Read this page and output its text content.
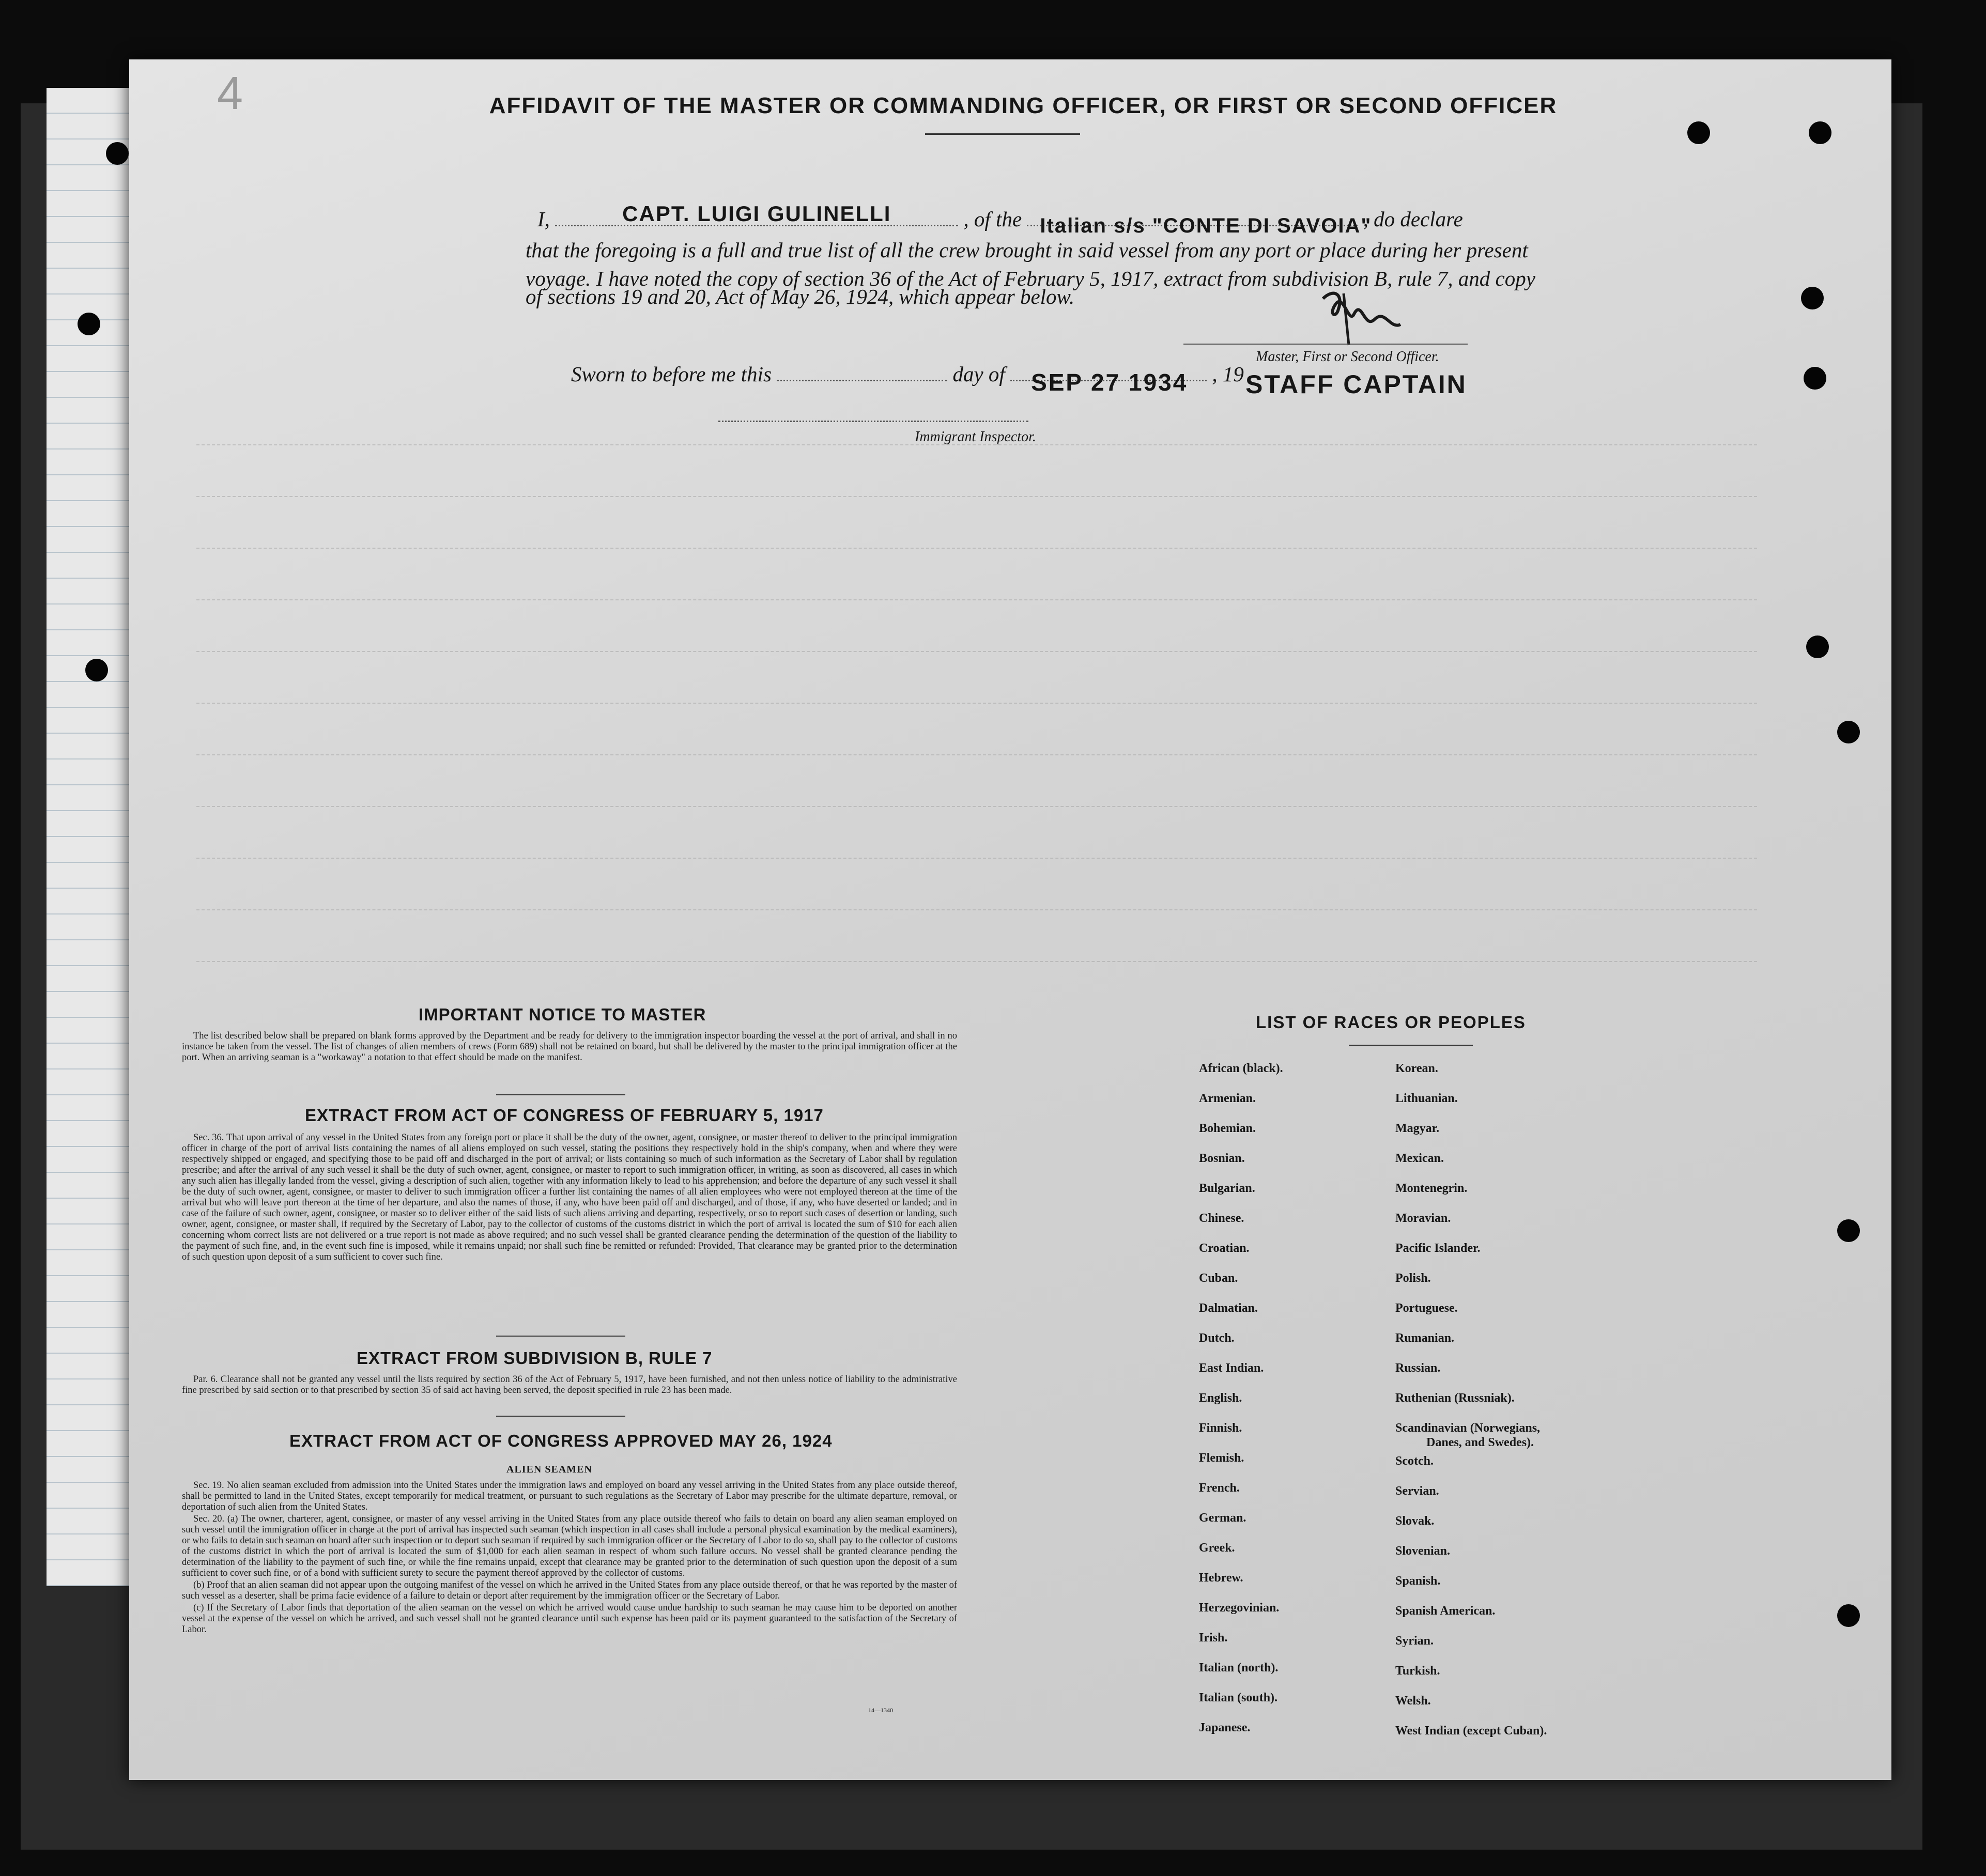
4	AFFIDAVIT OF THE MASTER OR COMMANDING OFFICER, OR FIRST OR SECOND OFFICER
I,	CAPT. LUIGI GULINELLI	, of the Italian s/s "CONTE DI SAVOIA"
, do declare
that the foregoing is a full and true list of all the crew brought in said vessel from any port or place during her present
voyage. I have noted the copy of section 36 of the Act of February 5, 1917, extract from subdivision B, rule 7, and copy
of sections 19 and 20, Act of May 26, 1924, which appear below.
Master, First or Second Officer.
Sworn to before me this	day of SEP 27 1934 , 19 STAFF CAPTAIN
Immigrant Inspector.
IMPORTANT NOTICE TO MASTER

The list described below shall be prepared on blank forms approved by the Department and be ready for delivery to the immigration inspector boarding the vessel at the port of arrival, and shall in no instance be taken from the vessel. The list of changes of alien members of crews (Form 689) shall not be retained on board, but shall be delivered by the master to the principal immigration officer at the port. When an arriving seaman is a "workaway" a notation to that effect should be made on the manifest.

EXTRACT FROM ACT OF CONGRESS OF FEBRUARY 5, 1917

Sec. 36. That upon arrival of any vessel in the United States from any foreign port or place it shall be the duty of the owner, agent, consignee, or master thereof to deliver to the principal immigration officer in charge of the port of arrival lists containing the names of all aliens employed on such vessel, stating the positions they respectively hold in the ship's company, when and where they were respectively shipped or engaged, and specifying those to be paid off and discharged in the port of arrival; or lists containing so much of such information as the Secretary of Labor shall by regulation prescribe; and after the arrival of any such vessel it shall be the duty of such owner, agent, consignee, or master to report to such immigration officer, in writing, as soon as discovered, all cases in which any such alien has illegally landed from the vessel, giving a description of such alien, together with any information likely to lead to his apprehension; and before the departure of any such vessel it shall be the duty of such owner, agent, consignee, or master to deliver to such immigration officer a further list containing the names of all alien employees who were not employed thereon at the time of the arrival but who will leave port thereon at the time of her departure, and also the names of those, if any, who have been paid off and discharged, and of those, if any, who have deserted or landed; and in case of the failure of such owner, agent, consignee, or master so to deliver either of the said lists of such aliens arriving and departing, respectively, or so to report such cases of desertion or landing, such owner, agent, consignee, or master shall, if required by the Secretary of Labor, pay to the collector of customs of the customs district in which the port of arrival is located the sum of $10 for each alien concerning whom correct lists are not delivered or a true report is not made as above required; and no such vessel shall be granted clearance pending the determination of the question of the liability to the payment of such fine, and, in the event such fine is imposed, while it remains unpaid; nor shall such fine be remitted or refunded: Provided, That clearance may be granted prior to the determination of such question upon deposit of a sum sufficient to cover such fine.

EXTRACT FROM SUBDIVISION B, RULE 7

Par. 6. Clearance shall not be granted any vessel until the lists required by section 36 of the Act of February 5, 1917, have been furnished, and not then unless notice of liability to the administrative fine prescribed by said section or to that prescribed by section 35 of said act having been served, the deposit specified in rule 23 has been made.

EXTRACT FROM ACT OF CONGRESS APPROVED MAY 26, 1924
ALIEN SEAMEN

Sec. 19. No alien seaman excluded from admission into the United States under the immigration laws and employed on board any vessel arriving in the United States from any place outside thereof, shall be permitted to land in the United States, except temporarily for medical treatment, or pursuant to such regulations as the Secretary of Labor may prescribe for the ultimate departure, removal, or deportation of such alien from the United States.

Sec. 20. (a) The owner, charterer, agent, consignee, or master of any vessel arriving in the United States from any place outside thereof who fails to detain on board any alien seaman employed on such vessel until the immigration officer in charge at the port of arrival has inspected such seaman (which inspection in all cases shall include a personal physical examination by the medical examiners), or who fails to detain such seaman on board after such inspection or to deport such seaman if required by such immigration officer or the Secretary of Labor to do so, shall pay to the collector of customs of the customs district in which the port of arrival is located the sum of $1,000 for each alien seaman in respect of whom such failure occurs. No vessel shall be granted clearance pending the determination of the liability to the payment of such fine, or while the fine remains unpaid, except that clearance may be granted prior to the determination of such question upon the deposit of a sum sufficient to cover such fine, or of a bond with sufficient surety to secure the payment thereof approved by the collector of customs.

(b) Proof that an alien seaman did not appear upon the outgoing manifest of the vessel on which he arrived in the United States from any place outside thereof, or that he was reported by the master of such vessel as a deserter, shall be prima facie evidence of a failure to detain or deport after requirement by the immigration officer or the Secretary of Labor.

(c) If the Secretary of Labor finds that deportation of the alien seaman on the vessel on which he arrived would cause undue hardship to such seaman he may cause him to be deported on another vessel at the expense of the vessel on which he arrived, and such vessel shall not be granted clearance until such expense has been paid or its payment guaranteed to the satisfaction of the Secretary of Labor.

14—1340
LIST OF RACES OR PEOPLES
African (black).
Armenian.
Bohemian.
Bosnian.
Bulgarian.
Chinese.
Croatian.
Cuban.
Dalmatian.
Dutch.
East Indian.
English.
Finnish.
Flemish.
French.
German.
Greek.
Hebrew.
Herzegovinian.
Irish.
Italian (north).
Italian (south).
Japanese.
Korean.
Lithuanian.
Magyar.
Mexican.
Montenegrin.
Moravian.
Pacific Islander.
Polish.
Portuguese.
Rumanian.
Russian.
Ruthenian (Russniak).
Scandinavian (Norwegians,
Danes, and Swedes).
Scotch.
Servian.
Slovak.
Slovenian.
Spanish.
Spanish American.
Syrian.
Turkish.
Welsh.
West Indian (except Cuban).
